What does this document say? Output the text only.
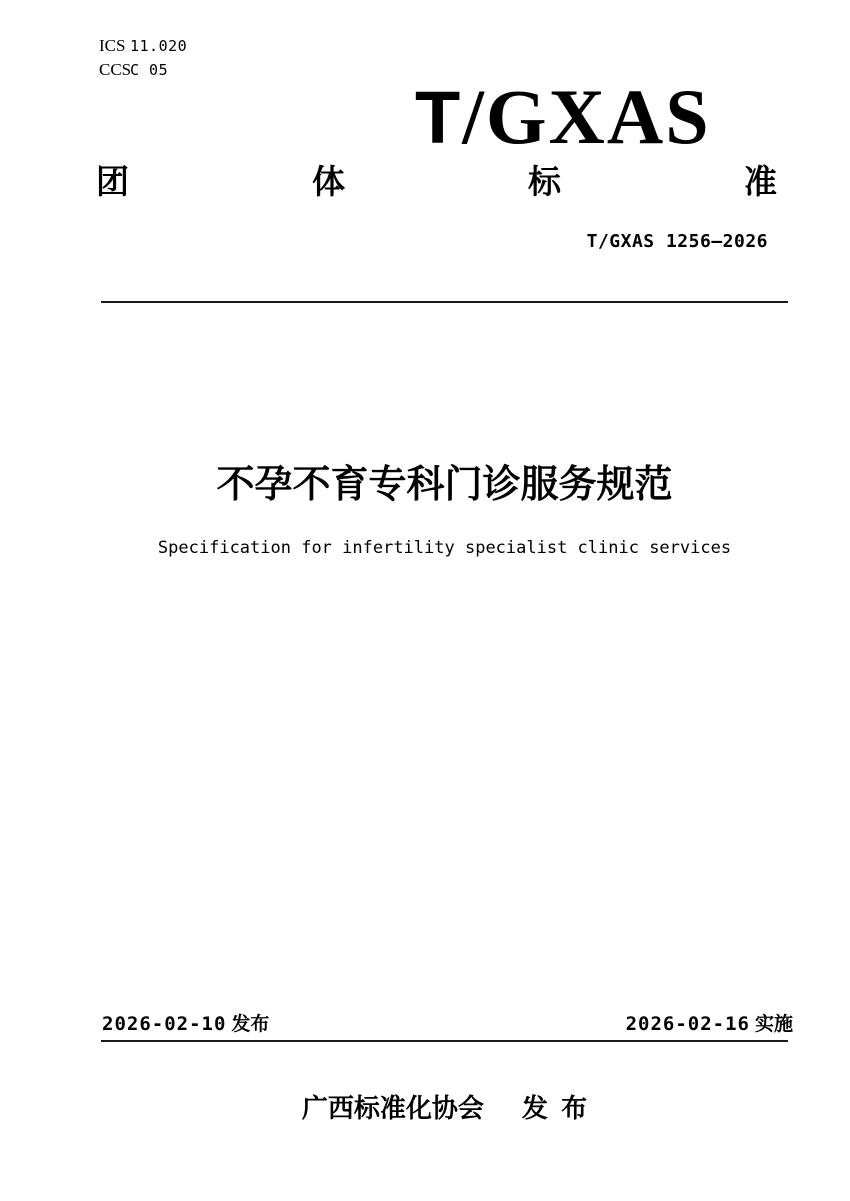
ICS 11.020
CCS
C 05
T/GXAS
团	体	标	准
T/GXAS 1256—2026
不孕不育专科门诊服务规范
Specification for infertility specialist clinic services
2026-02-10 发布	2026-02-16 实施
广西标准化协会 发 布
